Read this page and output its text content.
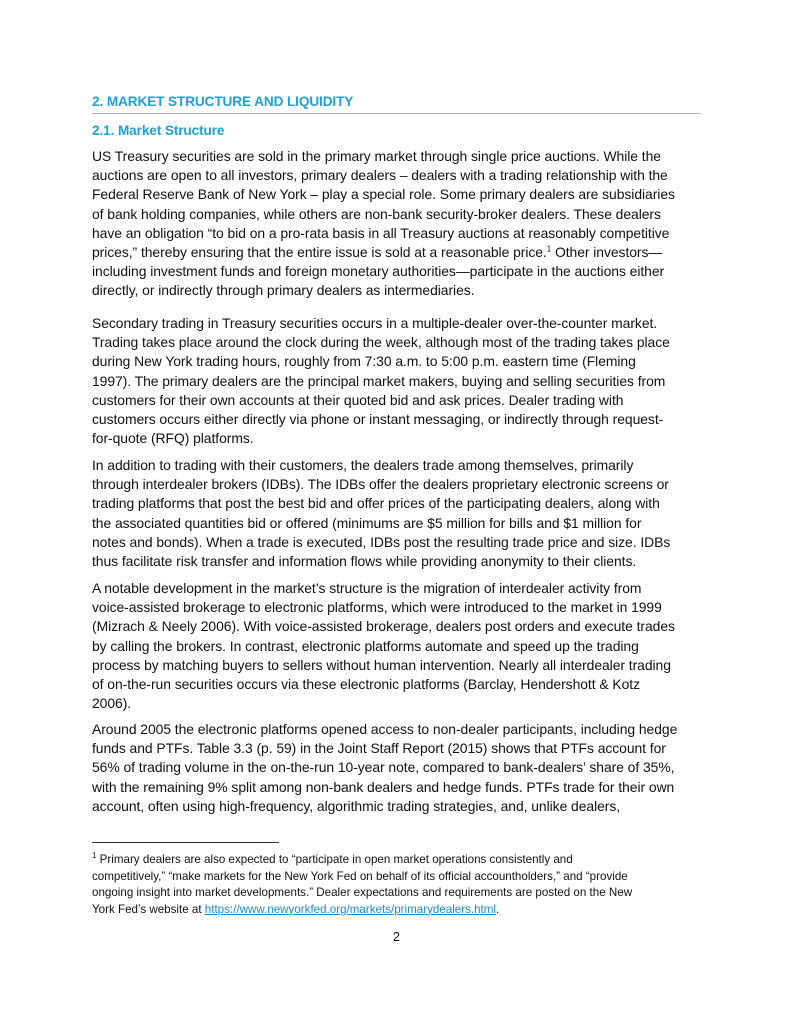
2. MARKET STRUCTURE AND LIQUIDITY
2.1. Market Structure
US Treasury securities are sold in the primary market through single price auctions. While the
auctions are open to all investors, primary dealers – dealers with a trading relationship with the
Federal Reserve Bank of New York – play a special role. Some primary dealers are subsidiaries
of bank holding companies, while others are non-bank security-broker dealers. These dealers
have an obligation “to bid on a pro-rata basis in all Treasury auctions at reasonably competitive
prices,” thereby ensuring that the entire issue is sold at a reasonable price.$^1$ Other investors—
including investment funds and foreign monetary authorities—participate in the auctions either
directly, or indirectly through primary dealers as intermediaries.
Secondary trading in Treasury securities occurs in a multiple-dealer over-the-counter market.
Trading takes place around the clock during the week, although most of the trading takes place
during New York trading hours, roughly from 7:30 a.m. to 5:00 p.m. eastern time (Fleming
1997). The primary dealers are the principal market makers, buying and selling securities from
customers for their own accounts at their quoted bid and ask prices. Dealer trading with
customers occurs either directly via phone or instant messaging, or indirectly through request-
for-quote (RFQ) platforms.
In addition to trading with their customers, the dealers trade among themselves, primarily
through interdealer brokers (IDBs). The IDBs offer the dealers proprietary electronic screens or
trading platforms that post the best bid and offer prices of the participating dealers, along with
the associated quantities bid or offered (minimums are $5 million for bills and $1 million for
notes and bonds). When a trade is executed, IDBs post the resulting trade price and size. IDBs
thus facilitate risk transfer and information flows while providing anonymity to their clients.
A notable development in the market’s structure is the migration of interdealer activity from
voice-assisted brokerage to electronic platforms, which were introduced to the market in 1999
(Mizrach & Neely 2006). With voice-assisted brokerage, dealers post orders and execute trades
by calling the brokers. In contrast, electronic platforms automate and speed up the trading
process by matching buyers to sellers without human intervention. Nearly all interdealer trading
of on-the-run securities occurs via these electronic platforms (Barclay, Hendershott & Kotz
2006).
Around 2005 the electronic platforms opened access to non-dealer participants, including hedge
funds and PTFs. Table 3.3 (p. 59) in the Joint Staff Report (2015) shows that PTFs account for
56% of trading volume in the on-the-run 10-year note, compared to bank-dealers’ share of 35%,
with the remaining 9% split among non-bank dealers and hedge funds. PTFs trade for their own
account, often using high-frequency, algorithmic trading strategies, and, unlike dealers,
$^1$ Primary dealers are also expected to “participate in open market operations consistently and
competitively,” “make markets for the New York Fed on behalf of its official accountholders,” and “provide
ongoing insight into market developments.” Dealer expectations and requirements are posted on the New
York Fed’s website at https://www.newyorkfed.org/markets/primarydealers.html.
2
